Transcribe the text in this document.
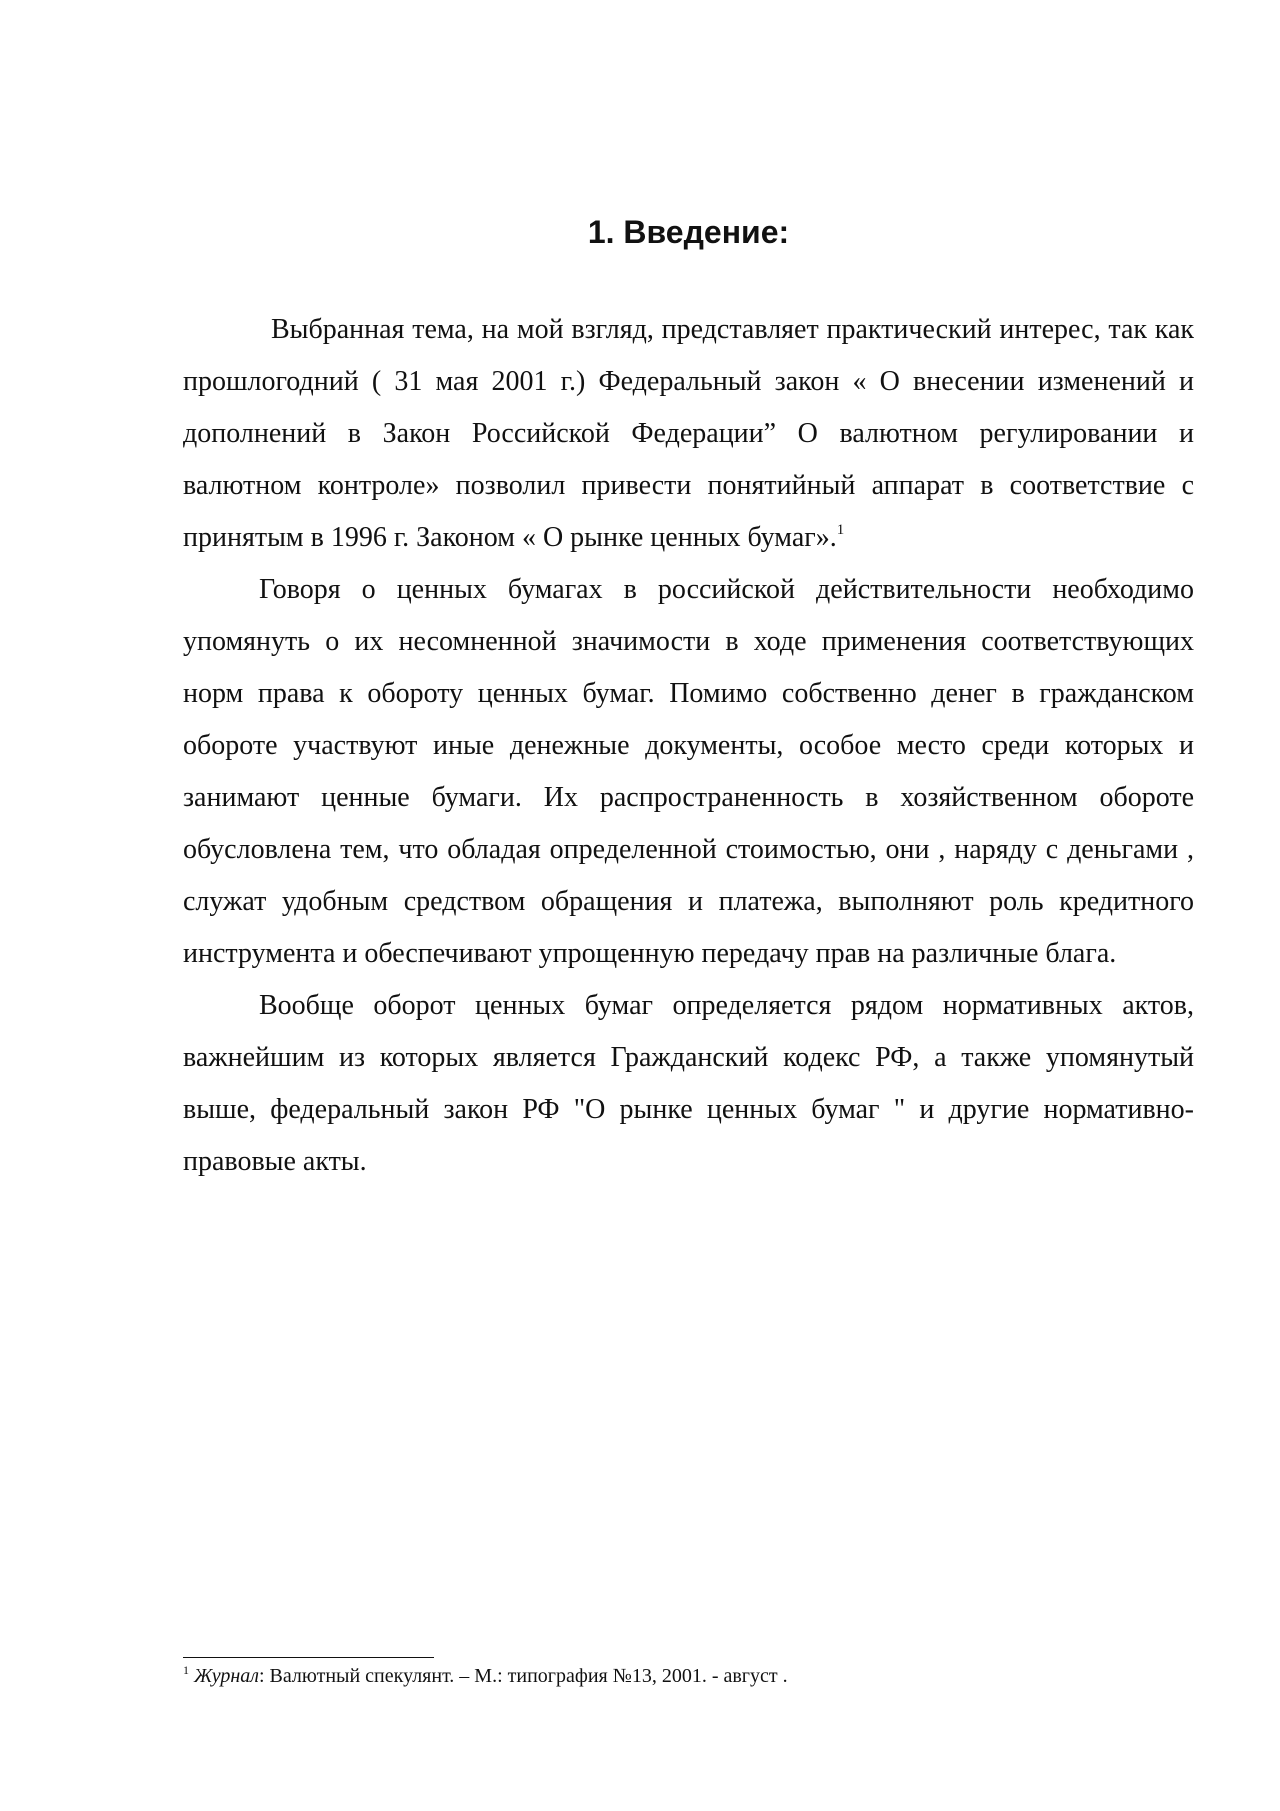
1. Введение:

Выбранная тема, на мой взгляд, представляет практический интерес, так как прошлогодний ( 31 мая 2001 г.) Федеральный закон « О внесении изменений и дополнений в Закон Российской Федерации” О валютном регулировании и валютном контроле» позволил привести понятийный аппарат в соответствие с принятым в 1996 г. Законом « О рынке ценных бумаг».$^1$

Говоря о ценных бумагах в российской действительности необходимо упомянуть о их несомненной значимости в ходе применения соответствующих норм права к обороту ценных бумаг. Помимо собственно денег в гражданском обороте участвуют иные денежные документы, особое место среди которых и занимают ценные бумаги. Их распространенность в хозяйственном обороте обусловлена тем, что обладая определенной стоимостью, они , наряду с деньгами , служат удобным средством обращения и платежа, выполняют роль кредитного инструмента и обеспечивают упрощенную передачу прав на различные блага.

Вообще оборот ценных бумаг определяется рядом нормативных актов, важнейшим из которых является Гражданский кодекс РФ, а также упомянутый выше, федеральный закон РФ "О рынке ценных бумаг " и другие нормативно-правовые акты.

$^1$ Журнал: Валютный спекулянт. – М.: типография №13, 2001. - август .
